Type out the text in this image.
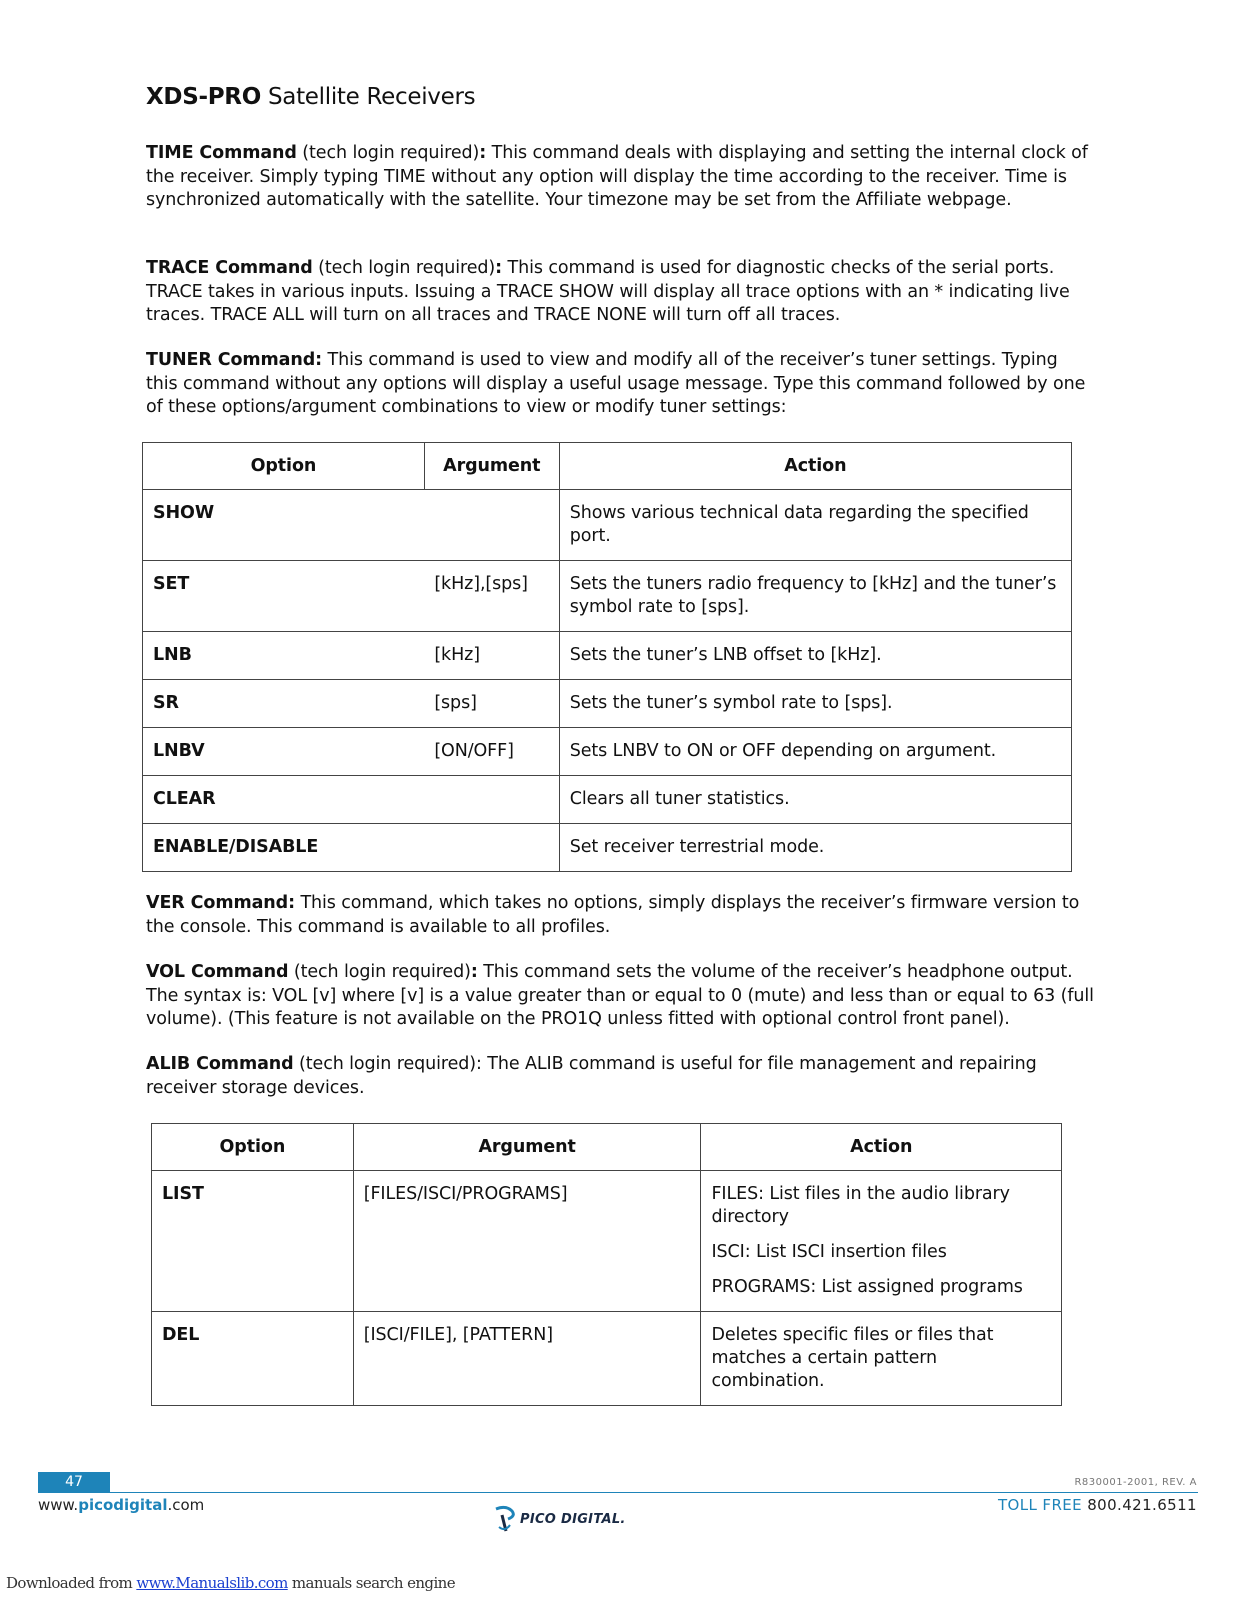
XDS-PRO Satellite Receivers
TIME Command (tech login required): This command deals with displaying and setting the internal clock of the receiver. Simply typing TIME without any option will display the time according to the receiver. Time is synchronized automatically with the satellite. Your timezone may be set from the Affiliate webpage.
TRACE Command (tech login required): This command is used for diagnostic checks of the serial ports. TRACE takes in various inputs. Issuing a TRACE SHOW will display all trace options with an * indicating live traces. TRACE ALL will turn on all traces and TRACE NONE will turn off all traces.
TUNER Command: This command is used to view and modify all of the receiver’s tuner settings. Typing this command without any options will display a useful usage message. Type this command followed by one of these options/argument combinations to view or modify tuner settings:
Option	Argument	Action
SHOW		Shows various technical data regarding the specified port.
SET	[kHz],[sps]	Sets the tuners radio frequency to [kHz] and the tuner’s symbol rate to [sps].
LNB	[kHz]	Sets the tuner’s LNB offset to [kHz].
SR	[sps]	Sets the tuner’s symbol rate to [sps].
LNBV	[ON/OFF]	Sets LNBV to ON or OFF depending on argument.
CLEAR		Clears all tuner statistics.
ENABLE/DISABLE		Set receiver terrestrial mode.
VER Command: This command, which takes no options, simply displays the receiver’s firmware version to the console. This command is available to all profiles.
VOL Command (tech login required): This command sets the volume of the receiver’s headphone output. The syntax is: VOL [v] where [v] is a value greater than or equal to 0 (mute) and less than or equal to 63 (full volume). (This feature is not available on the PRO1Q unless fitted with optional control front panel).
ALIB Command (tech login required): The ALIB command is useful for file management and repairing receiver storage devices.
Option	Argument	Action
LIST	[FILES/ISCI/PROGRAMS]	FILES: List files in the audio library directory

ISCI: List ISCI insertion files

PROGRAMS: List assigned programs

DEL	[ISCI/FILE], [PATTERN]	Deletes specific files or files that matches a certain pattern combination.

47	R830001-2001, REV. A
www.picodigital.com
PICO DIGITAL.
TOLL FREE 800.421.6511
Downloaded from www.Manualslib.com manuals search engine
